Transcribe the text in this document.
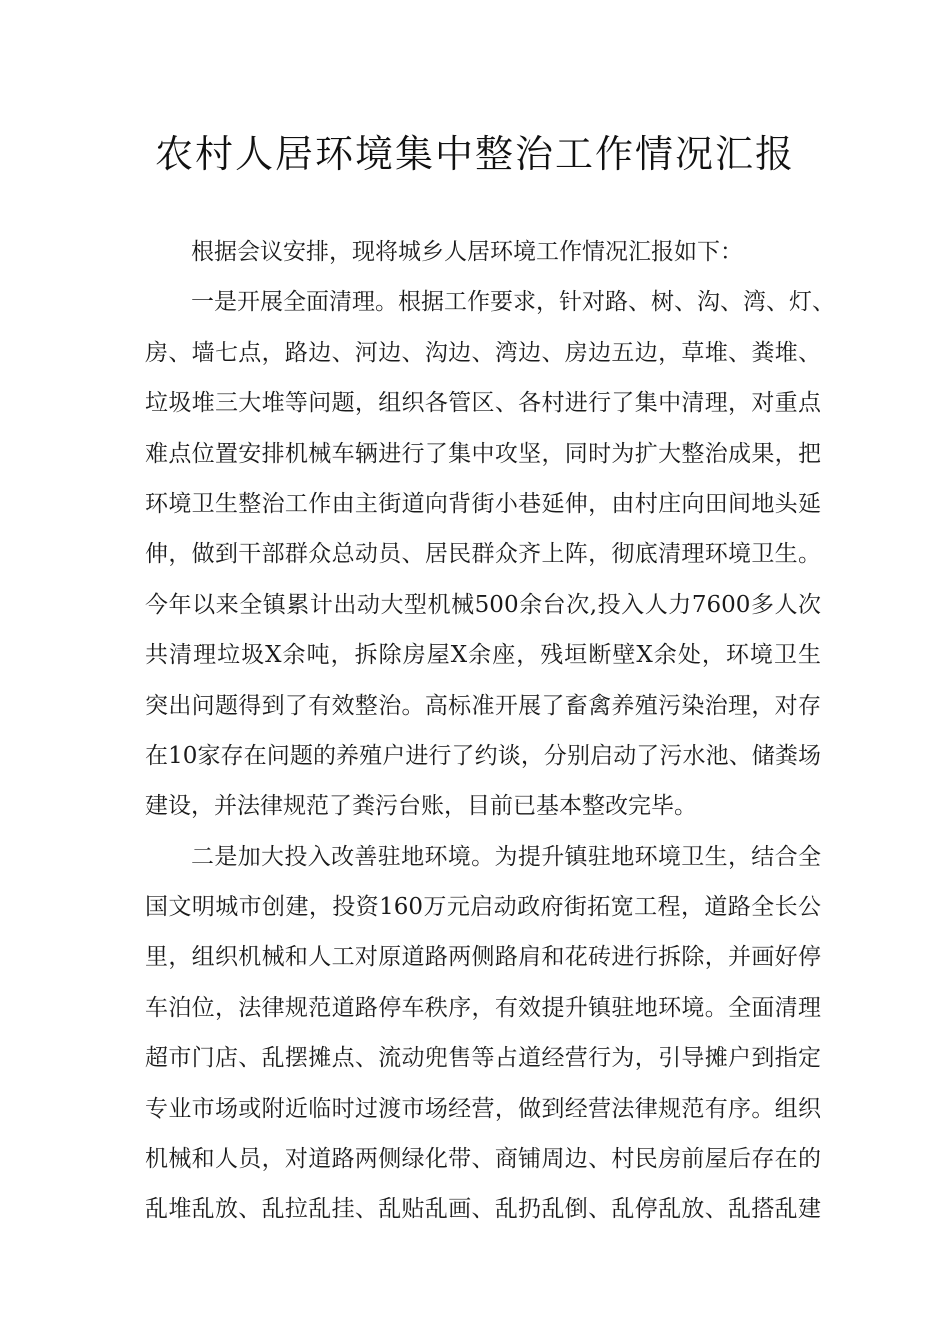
农村人居环境集中整治工作情况汇报
根据会议安排，现将城乡人居环境工作情况汇报如下：
一是开展全面清理。根据工作要求，针对路、树、沟、湾、灯、
房、墙七点，路边、河边、沟边、湾边、房边五边，草堆、粪堆、
垃圾堆三大堆等问题，组织各管区、各村进行了集中清理，对重点
难点位置安排机械车辆进行了集中攻坚，同时为扩大整治成果，把
环境卫生整治工作由主街道向背街小巷延伸，由村庄向田间地头延
伸，做到干部群众总动员、居民群众齐上阵，彻底清理环境卫生。
今年以来全镇累计出动大型机械500余台次,投入人力7600多人次
共清理垃圾X余吨，拆除房屋X余座，残垣断壁X余处，环境卫生
突出问题得到了有效整治。高标准开展了畜禽养殖污染治理，对存
在10家存在问题的养殖户进行了约谈，分别启动了污水池、储粪场
建设，并法律规范了粪污台账，目前已基本整改完毕。
二是加大投入改善驻地环境。为提升镇驻地环境卫生，结合全
国文明城市创建，投资160万元启动政府街拓宽工程，道路全长公
里，组织机械和人工对原道路两侧路肩和花砖进行拆除，并画好停
车泊位，法律规范道路停车秩序，有效提升镇驻地环境。全面清理
超市门店、乱摆摊点、流动兜售等占道经营行为，引导摊户到指定
专业市场或附近临时过渡市场经营，做到经营法律规范有序。组织
机械和人员，对道路两侧绿化带、商铺周边、村民房前屋后存在的
乱堆乱放、乱拉乱挂、乱贴乱画、乱扔乱倒、乱停乱放、乱搭乱建
